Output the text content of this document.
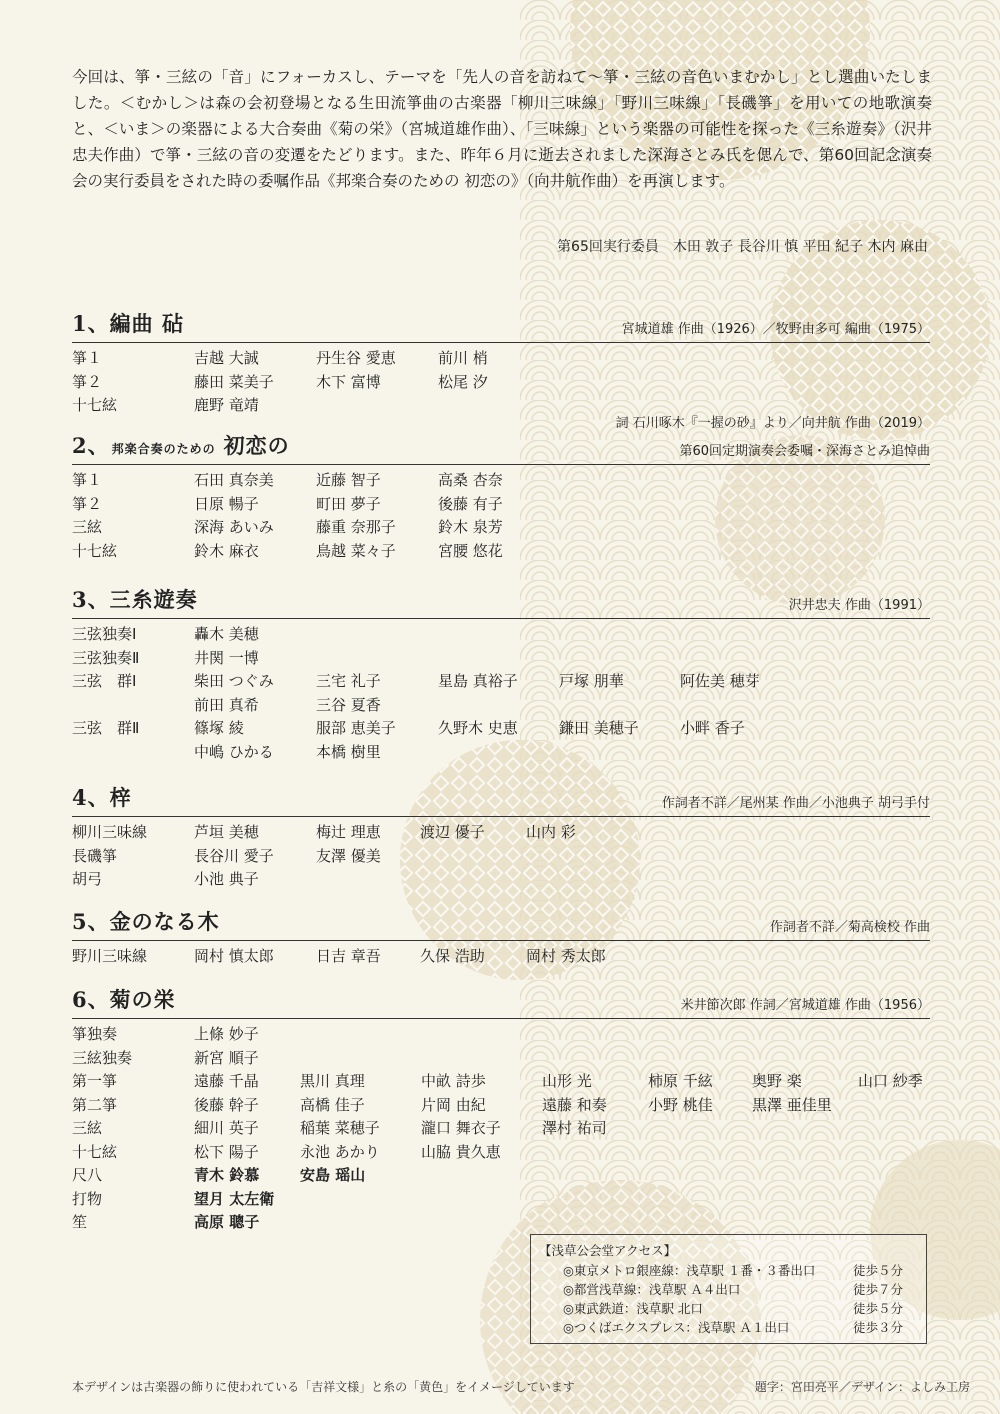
今回は、箏・三絃の「音」にフォーカスし、テーマを「先人の音を訪ねて～箏・三絃の音色いまむかし」とし選曲いたしました。＜むかし＞は森の会初登場となる生田流箏曲の古楽器「柳川三味線」「野川三味線」「長磯箏」を用いての地歌演奏と、＜いま＞の楽器による大合奏曲《菊の栄》（宮城道雄作曲）、「三味線」という楽器の可能性を探った《三糸遊奏》（沢井忠夫作曲）で箏・三絃の音の変遷をたどります。また、昨年６月に逝去されました深海さとみ氏を偲んで、第60回記念演奏会の実行委員をされた時の委嘱作品《邦楽合奏のための 初恋の》（向井航作曲）を再演します。
第65回実行委員　木田 敦子 長谷川 慎 平田 紀子 木内 麻由
1、編曲 砧	宮城道雄 作曲（1926）／牧野由多可 編曲（1975）
箏１	吉越 大誠	丹生谷 愛恵	前川 梢
箏２	藤田 菜美子	木下 富博	松尾 汐
十七絃	鹿野 竜靖
2、 邦楽合奏のための 初恋の
詞 石川啄木『一握の砂』より／向井航 作曲（2019）
第60回定期演奏会委嘱・深海さとみ追悼曲
箏１	石田 真奈美	近藤 智子	高桑 杏奈
箏２	日原 暢子	町田 夢子	後藤 有子
三絃	深海 あいみ	藤重 奈那子	鈴木 泉芳
十七絃	鈴木 麻衣	鳥越 菜々子	宮腰 悠花
3、三糸遊奏	沢井忠夫 作曲（1991）
三弦独奏Ⅰ	轟木 美穂
三弦独奏Ⅱ	井関 一博
三弦　群Ⅰ	柴田 つぐみ	三宅 礼子	星島 真裕子	戸塚 朋華	阿佐美 穂芽
前田 真希	三谷 夏香
三弦　群Ⅱ	篠塚 綾	服部 恵美子	久野木 史恵	鎌田 美穂子	小畔 香子
中嶋 ひかる	本橋 樹里
4、梓	作詞者不詳／尾州某 作曲／小池典子 胡弓手付
柳川三味線	芦垣 美穂	梅辻 理恵	渡辺 優子	山内 彩
長磯箏	長谷川 愛子	友澤 優美
胡弓	小池 典子
5、金のなる木	作詞者不詳／菊高検校 作曲
野川三味線	岡村 慎太郎	日吉 章吾	久保 浩助	岡村 秀太郎
6、菊の栄	米井節次郎 作詞／宮城道雄 作曲（1956）
箏独奏	上條 妙子
三絃独奏	新宮 順子
第一箏	遠藤 千晶	黒川 真理	中畝 詩歩	山形 光	柿原 千絃	奥野 楽	山口 紗季
第二箏	後藤 幹子	高橋 佳子	片岡 由紀	遠藤 和奏	小野 桃佳	黒澤 亜佳里
三絃	細川 英子	稲葉 菜穂子	瀧口 舞衣子	澤村 祐司
十七絃	松下 陽子	永池 あかり	山脇 貴久恵
尺八	青木 鈴慕	安島 瑶山
打物	望月 太左衛
笙	高原 聰子
【浅草公会堂アクセス】
◎東京メトロ銀座線：浅草駅 １番・３番出口	徒歩５分
◎都営浅草線：浅草駅 Ａ４出口	徒歩７分
◎東武鉄道：浅草駅 北口	徒歩５分
◎つくばエクスプレス：浅草駅 Ａ１出口	徒歩３分
本デザインは古楽器の飾りに使われている「吉祥文様」と糸の「黄色」をイメージしています	題字：宮田亮平／デザイン：よしみ工房
